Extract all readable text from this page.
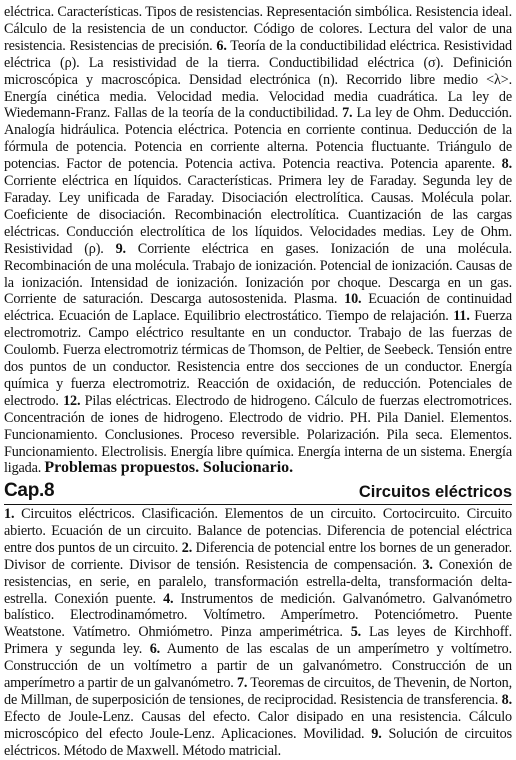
eléctrica. Características. Tipos de resistencias. Representación simbólica. Resistencia ideal. Cálculo de la resistencia de un conductor. Código de colores. Lectura del valor de una resistencia. Resistencias de precisión. 6. Teoría de la conductibilidad eléctrica. Resistividad eléctrica (ρ). La resistividad de la tierra. Conductibilidad eléctrica (σ). Definición microscópica y macroscópica. Densidad electrónica (n). Recorrido libre medio <λ>. Energía cinética media. Velocidad media. Velocidad media cuadrática. La ley de Wiedemann-Franz. Fallas de la teoría de la conductibilidad. 7. La ley de Ohm. Deducción. Analogía hidráulica. Potencia eléctrica. Potencia en corriente continua. Deducción de la fórmula de potencia. Potencia en corriente alterna. Potencia fluctuante. Triángulo de potencias. Factor de potencia. Potencia activa. Potencia reactiva. Potencia aparente. 8. Corriente eléctrica en líquidos. Características. Primera ley de Faraday. Segunda ley de Faraday. Ley unificada de Faraday. Disociación electrolítica. Causas. Molécula polar. Coeficiente de disociación. Recombinación electrolítica. Cuantización de las cargas eléctricas. Conducción electrolítica de los líquidos. Velocidades medias. Ley de Ohm. Resistividad (ρ). 9. Corriente eléctrica en gases. Ionización de una molécula. Recombinación de una molécula. Trabajo de ionización. Potencial de ionización. Causas de la ionización. Intensidad de ionización. Ionización por choque. Descarga en un gas. Corriente de saturación. Descarga autosostenida. Plasma. 10. Ecuación de continuidad eléctrica. Ecuación de Laplace. Equilibrio electrostático. Tiempo de relajación. 11. Fuerza electromotriz. Campo eléctrico resultante en un conductor. Trabajo de las fuerzas de Coulomb. Fuerza electromotriz térmicas de Thomson, de Peltier, de Seebeck. Tensión entre dos puntos de un conductor. Resistencia entre dos secciones de un conductor. Energía química y fuerza electromotriz. Reacción de oxidación, de reducción. Potenciales de electrodo. 12. Pilas eléctricas. Electrodo de hidrogeno. Cálculo de fuerzas electromotrices. Concentración de iones de hidrogeno. Electrodo de vidrio. PH. Pila Daniel. Elementos. Funcionamiento. Conclusiones. Proceso reversible. Polarización. Pila seca. Elementos. Funcionamiento. Electrolisis. Energía libre química. Energía interna de un sistema. Energía ligada. Problemas propuestos. Solucionario.

Cap.8	Circuitos eléctricos

1. Circuitos eléctricos. Clasificación. Elementos de un circuito. Cortocircuito. Circuito abierto. Ecuación de un circuito. Balance de potencias. Diferencia de potencial eléctrica entre dos puntos de un circuito. 2. Diferencia de potencial entre los bornes de un generador. Divisor de corriente. Divisor de tensión. Resistencia de compensación. 3. Conexión de resistencias, en serie, en paralelo, transformación estrella-delta, transformación delta-estrella. Conexión puente. 4. Instrumentos de medición. Galvanómetro. Galvanómetro balístico. Electrodinamómetro. Voltímetro. Amperímetro. Potenciómetro. Puente Weatstone. Vatímetro. Ohmiómetro. Pinza amperimétrica. 5. Las leyes de Kirchhoff. Primera y segunda ley. 6. Aumento de las escalas de un amperímetro y voltímetro. Construcción de un voltímetro a partir de un galvanómetro. Construcción de un amperímetro a partir de un galvanómetro. 7. Teoremas de circuitos, de Thevenin, de Norton, de Millman, de superposición de tensiones, de reciprocidad. Resistencia de transferencia. 8. Efecto de Joule-Lenz. Causas del efecto. Calor disipado en una resistencia. Cálculo microscópico del efecto Joule-Lenz. Aplicaciones. Movilidad. 9. Solución de circuitos eléctricos. Método de Maxwell. Método matricial.
